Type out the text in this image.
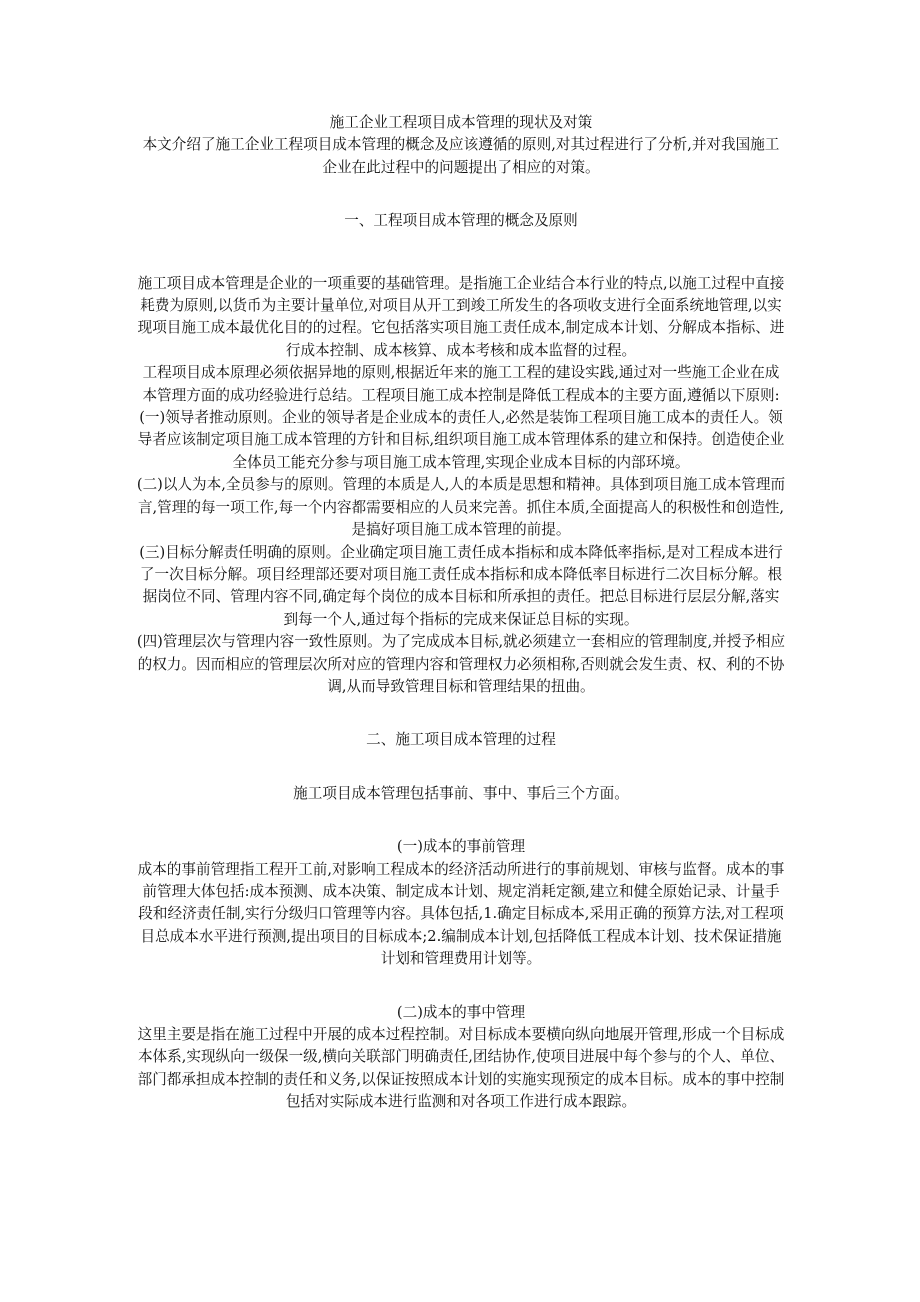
施工企业工程项目成本管理的现状及对策

本文介绍了施工企业工程项目成本管理的概念及应该遵循的原则,对其过程进行了分析,并对我国施工企业在此过程中的问题提出了相应的对策。

一、工程项目成本管理的概念及原则

施工项目成本管理是企业的一项重要的基础管理。是指施工企业结合本行业的特点,以施工过程中直接耗费为原则,以货币为主要计量单位,对项目从开工到竣工所发生的各项收支进行全面系统地管理,以实现项目施工成本最优化目的的过程。它包括落实项目施工责任成本,制定成本计划、分解成本指标、进行成本控制、成本核算、成本考核和成本监督的过程。

工程项目成本原理必须依据异地的原则,根据近年来的施工工程的建设实践,通过对一些施工企业在成本管理方面的成功经验进行总结。工程项目施工成本控制是降低工程成本的主要方面,遵循以下原则:

(一)领导者推动原则。企业的领导者是企业成本的责任人,必然是装饰工程项目施工成本的责任人。领导者应该制定项目施工成本管理的方针和目标,组织项目施工成本管理体系的建立和保持。创造使企业全体员工能充分参与项目施工成本管理,实现企业成本目标的内部环境。

(二)以人为本,全员参与的原则。管理的本质是人,人的本质是思想和精神。具体到项目施工成本管理而言,管理的每一项工作,每一个内容都需要相应的人员来完善。抓住本质,全面提高人的积极性和创造性,是搞好项目施工成本管理的前提。

(三)目标分解责任明确的原则。企业确定项目施工责任成本指标和成本降低率指标,是对工程成本进行了一次目标分解。项目经理部还要对项目施工责任成本指标和成本降低率目标进行二次目标分解。根据岗位不同、管理内容不同,确定每个岗位的成本目标和所承担的责任。把总目标进行层层分解,落实到每一个人,通过每个指标的完成来保证总目标的实现。

(四)管理层次与管理内容一致性原则。为了完成成本目标,就必须建立一套相应的管理制度,并授予相应的权力。因而相应的管理层次所对应的管理内容和管理权力必须相称,否则就会发生责、权、利的不协调,从而导致管理目标和管理结果的扭曲。

二、施工项目成本管理的过程

施工项目成本管理包括事前、事中、事后三个方面。

(一)成本的事前管理

成本的事前管理指工程开工前,对影响工程成本的经济活动所进行的事前规划、审核与监督。成本的事前管理大体包括:成本预测、成本决策、制定成本计划、规定消耗定额,建立和健全原始记录、计量手段和经济责任制,实行分级归口管理等内容。具体包括,1.确定目标成本,采用正确的预算方法,对工程项目总成本水平进行预测,提出项目的目标成本;2.编制成本计划,包括降低工程成本计划、技术保证措施计划和管理费用计划等。

(二)成本的事中管理

这里主要是指在施工过程中开展的成本过程控制。对目标成本要横向纵向地展开管理,形成一个目标成本体系,实现纵向一级保一级,横向关联部门明确责任,团结协作,使项目进展中每个参与的个人、单位、部门都承担成本控制的责任和义务,以保证按照成本计划的实施实现预定的成本目标。成本的事中控制包括对实际成本进行监测和对各项工作进行成本跟踪。
